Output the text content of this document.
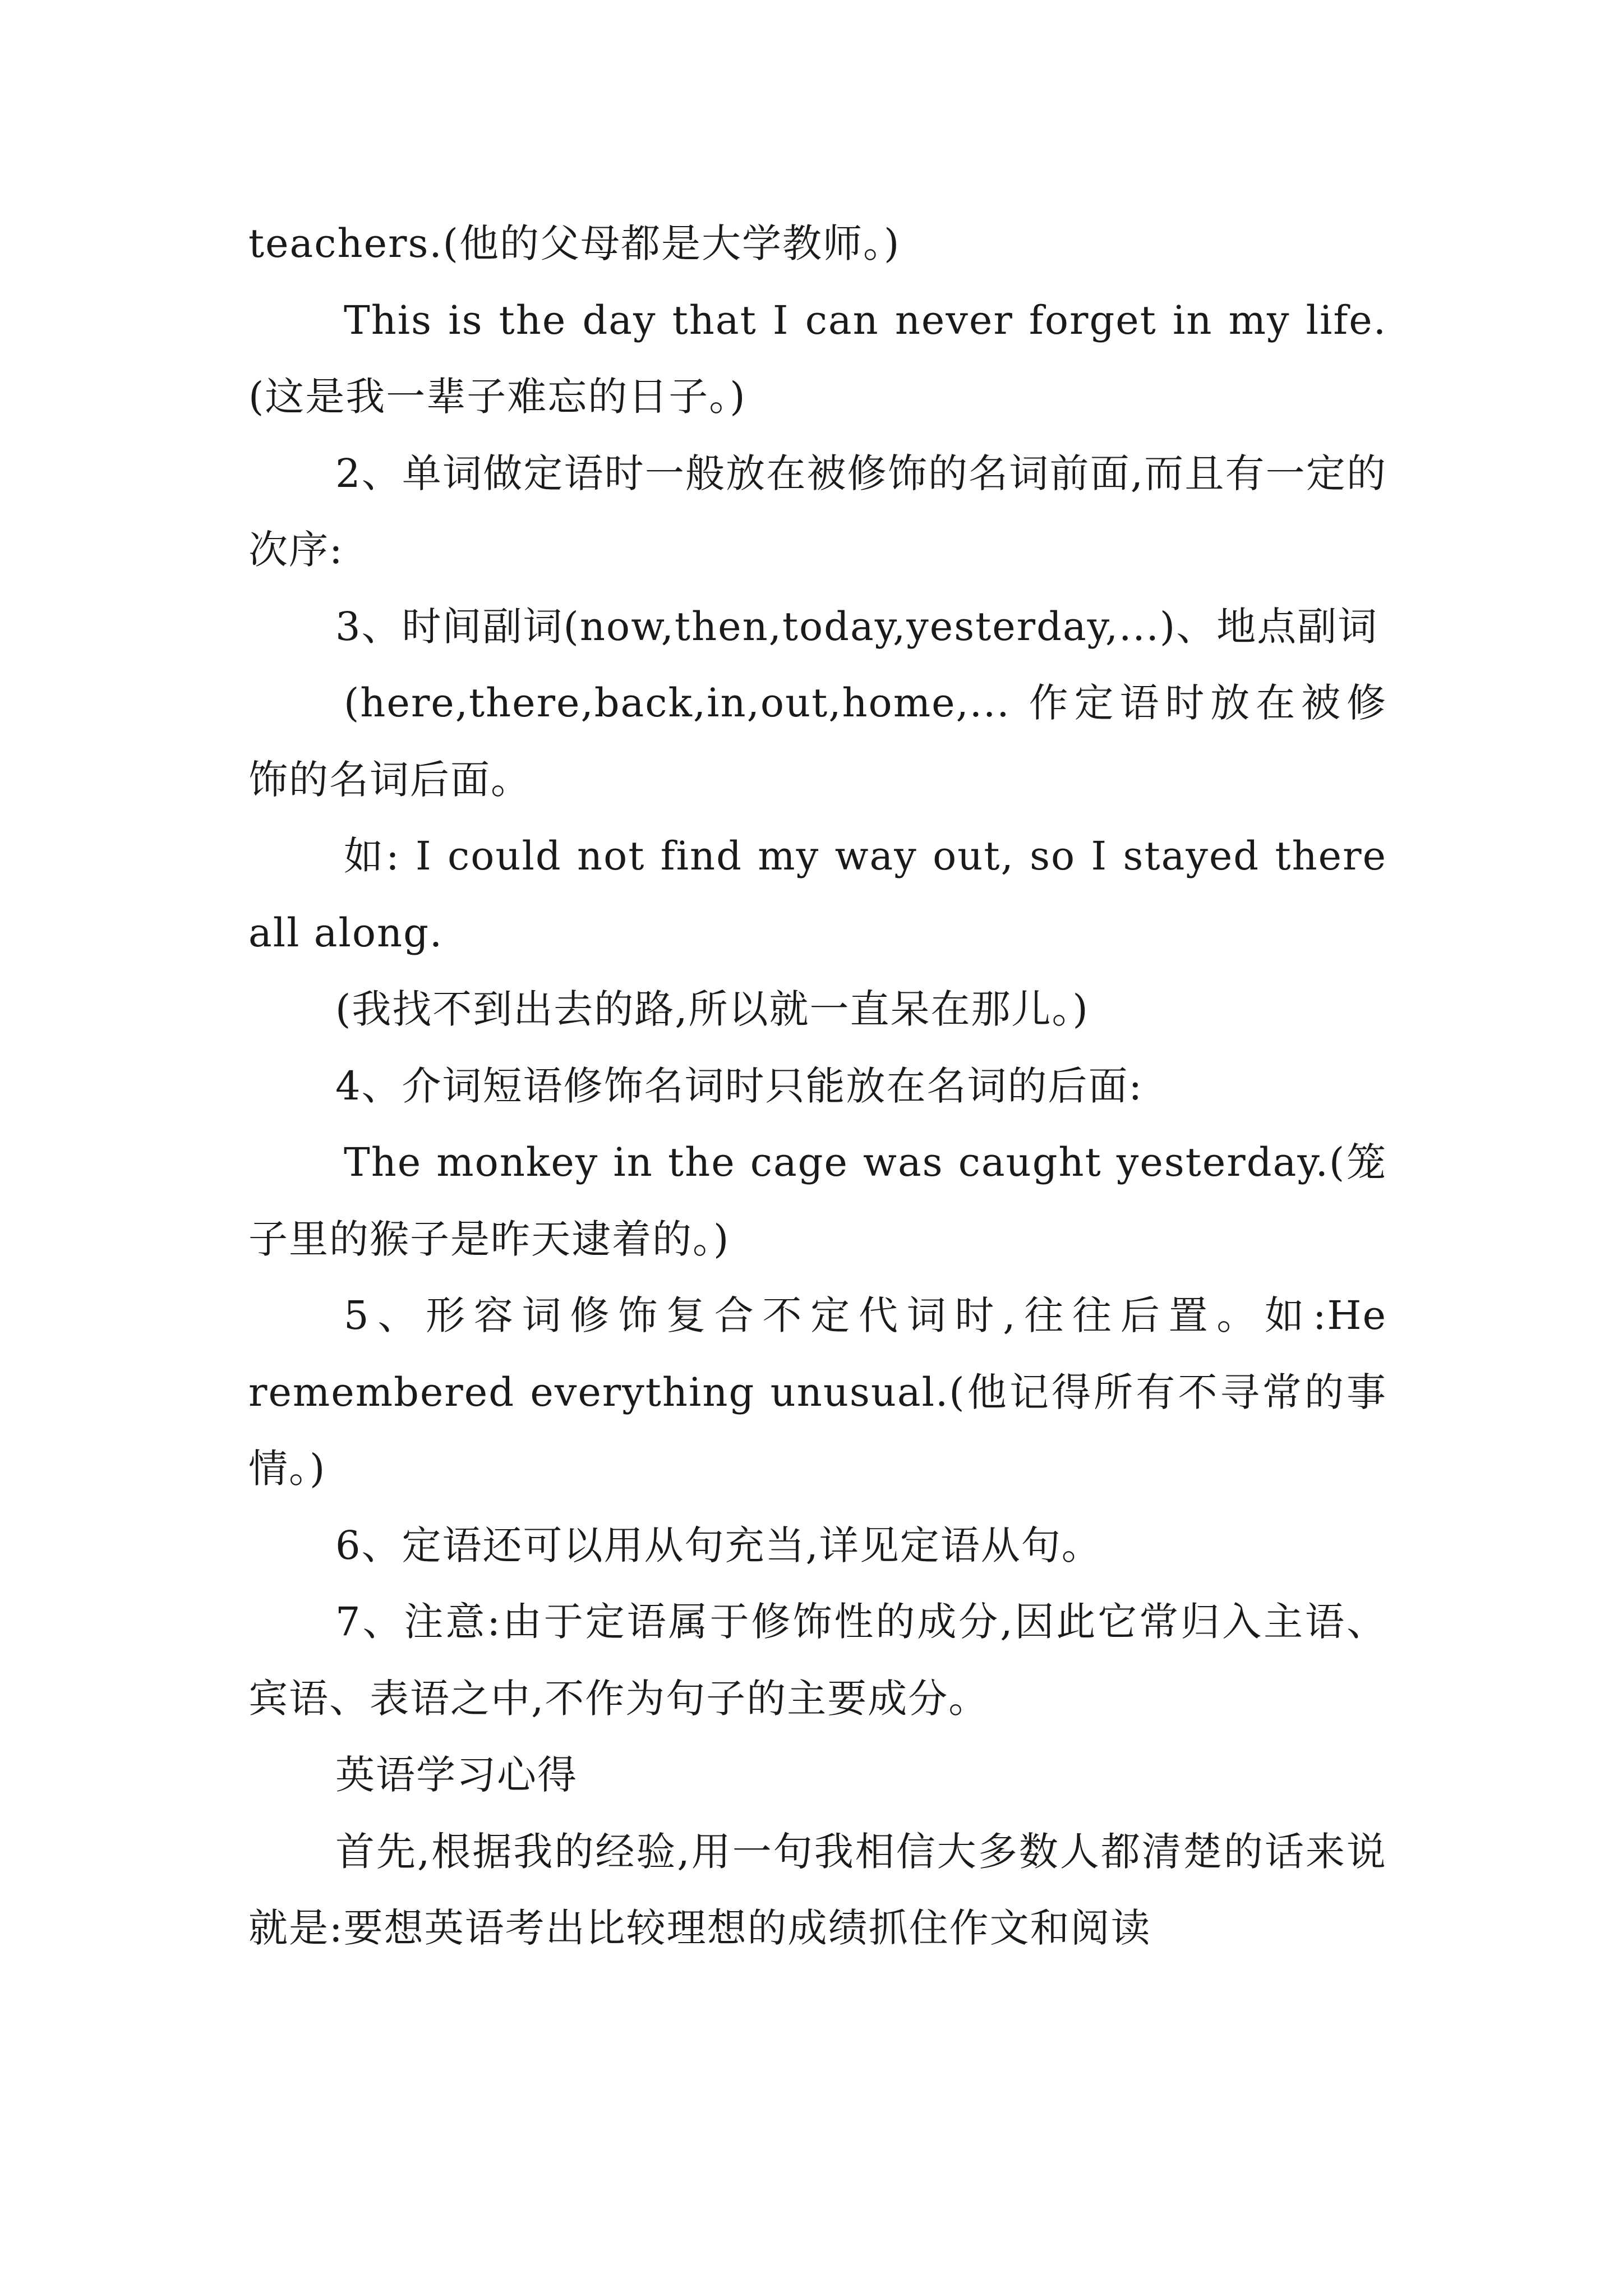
teachers.(他的父母都是大学教师。)

This is the day that I can never forget in my life.(这是我一辈子难忘的日子。)

2、单词做定语时一般放在被修饰的名词前面,而且有一定的次序:

3、时间副词(now,then,today,yesterday,...)、地点副词

(here,there,back,in,out,home,... 作定语时放在被修饰的名词后面。

如: I could not find my way out, so I stayed there all along.

(我找不到出去的路,所以就一直呆在那儿。)

4、介词短语修饰名词时只能放在名词的后面:

The monkey in the cage was caught yesterday.(笼子里的猴子是昨天逮着的。)

5、形容词修饰复合不定代词时,往往后置。如:He remembered everything unusual.(他记得所有不寻常的事情。)

6、定语还可以用从句充当,详见定语从句。

7、注意:由于定语属于修饰性的成分,因此它常归入主语、宾语、表语之中,不作为句子的主要成分。

英语学习心得

首先,根据我的经验,用一句我相信大多数人都清楚的话来说就是:要想英语考出比较理想的成绩抓住作文和阅读
